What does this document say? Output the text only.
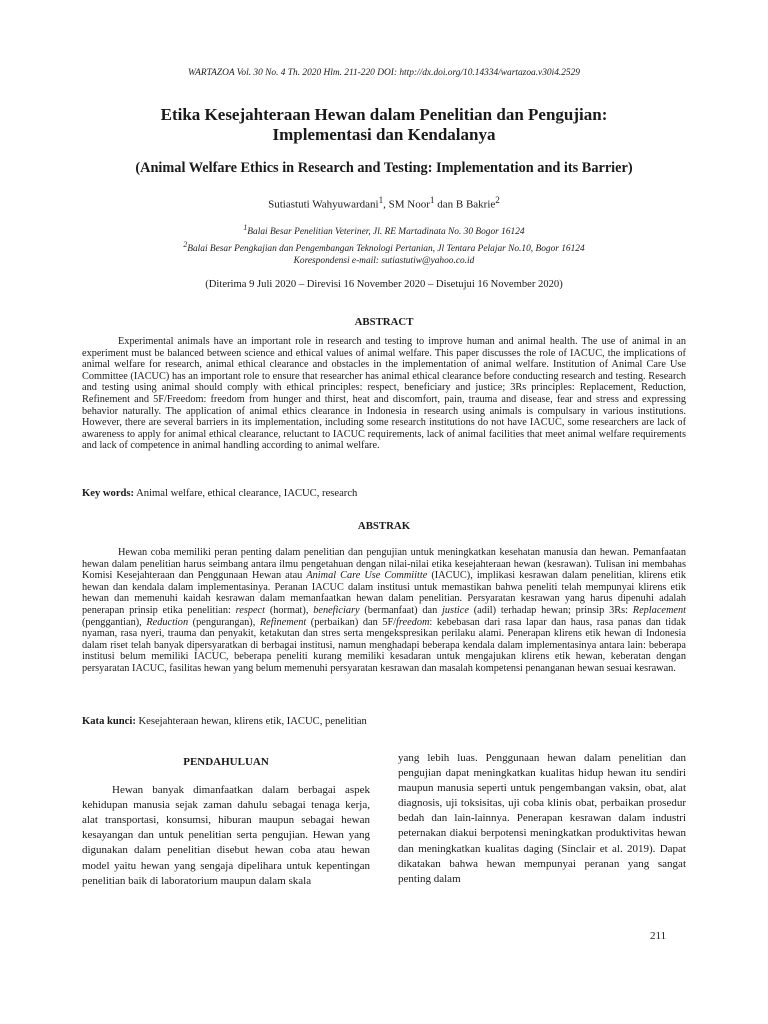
WARTAZOA Vol. 30 No. 4 Th. 2020 Hlm. 211-220 DOI: http://dx.doi.org/10.14334/wartazoa.v30i4.2529
Etika Kesejahteraan Hewan dalam Penelitian dan Pengujian:
Implementasi dan Kendalanya
(Animal Welfare Ethics in Research and Testing: Implementation and its Barrier)
Sutiastuti Wahyuwardani$^1$, SM Noor$^1$ dan B Bakrie$^2$
$^1$Balai Besar Penelitian Veteriner, Jl. RE Martadinata No. 30 Bogor 16124
$^2$Balai Besar Pengkajian dan Pengembangan Teknologi Pertanian, Jl Tentara Pelajar No.10, Bogor 16124
Korespondensi e-mail: sutiastutiw@yahoo.co.id
(Diterima 9 Juli 2020 – Direvisi 16 November 2020 – Disetujui 16 November 2020)
ABSTRACT

Experimental animals have an important role in research and testing to improve human and animal health. The use of animal in an experiment must be balanced between science and ethical values of animal welfare. This paper discusses the role of IACUC, the implications of animal welfare for research, animal ethical clearance and obstacles in the implementation of animal welfare. Institution of Animal Care Use Committee (IACUC) has an important role to ensure that researcher has animal ethical clearance before conducting research and testing. Research and testing using animal should comply with ethical principles: respect, beneficiary and justice; 3Rs principles: Replacement, Reduction, Refinement and 5F/Freedom: freedom from hunger and thirst, heat and discomfort, pain, trauma and disease, fear and stress and expressing behavior naturally. The application of animal ethics clearance in Indonesia in research using animals is compulsary in various institutions. However, there are several barriers in its implementation, including some research institutions do not have IACUC, some researchers are lack of awareness to apply for animal ethical clearance, reluctant to IACUC requirements, lack of animal facilities that meet animal welfare requirements and lack of competence in animal handling according to animal welfare.

Key words: Animal welfare, ethical clearance, IACUC, research

ABSTRAK

Hewan coba memiliki peran penting dalam penelitian dan pengujian untuk meningkatkan kesehatan manusia dan hewan. Pemanfaatan hewan dalam penelitian harus seimbang antara ilmu pengetahuan dengan nilai-nilai etika kesejahteraan hewan (kesrawan). Tulisan ini membahas Komisi Kesejahteraan dan Penggunaan Hewan atau Animal Care Use Commiitte (IACUC), implikasi kesrawan dalam penelitian, klirens etik hewan dan kendala dalam implementasinya. Peranan IACUC dalam institusi untuk memastikan bahwa peneliti telah mempunyai klirens etik hewan dan memenuhi kaidah kesrawan dalam memanfaatkan hewan dalam penelitian. Persyaratan kesrawan yang harus dipenuhi adalah penerapan prinsip etika penelitian: respect (hormat), beneficiary (bermanfaat) dan justice (adil) terhadap hewan; prinsip 3Rs: Replacement (penggantian), Reduction (pengurangan), Refinement (perbaikan) dan 5F/freedom: kebebasan dari rasa lapar dan haus, rasa panas dan tidak nyaman, rasa nyeri, trauma dan penyakit, ketakutan dan stres serta mengekspresikan perilaku alami. Penerapan klirens etik hewan di Indonesia dalam riset telah banyak dipersyaratkan di berbagai institusi, namun menghadapi beberapa kendala dalam implementasinya antara lain: beberapa institusi belum memiliki IACUC, beberapa peneliti kurang memiliki kesadaran untuk mengajukan klirens etik hewan, keberatan dengan persyaratan IACUC, fasilitas hewan yang belum memenuhi persyaratan kesrawan dan masalah kompetensi penanganan hewan sesuai kesrawan.

Kata kunci: Kesejahteraan hewan, klirens etik, IACUC, penelitian

PENDAHULUAN

Hewan banyak dimanfaatkan dalam berbagai aspek kehidupan manusia sejak zaman dahulu sebagai tenaga kerja, alat transportasi, konsumsi, hiburan maupun sebagai hewan kesayangan dan untuk penelitian serta pengujian. Hewan yang digunakan dalam penelitian disebut hewan coba atau hewan model yaitu hewan yang sengaja dipelihara untuk kepentingan penelitian baik di laboratorium maupun dalam skala

yang lebih luas. Penggunaan hewan dalam penelitian dan pengujian dapat meningkatkan kualitas hidup hewan itu sendiri maupun manusia seperti untuk pengembangan vaksin, obat, alat diagnosis, uji toksisitas, uji coba klinis obat, perbaikan prosedur bedah dan lain-lainnya. Penerapan kesrawan dalam industri peternakan diakui berpotensi meningkatkan produktivitas hewan dan meningkatkan kualitas daging (Sinclair et al. 2019). Dapat dikatakan bahwa hewan mempunyai peranan yang sangat penting dalam

211
